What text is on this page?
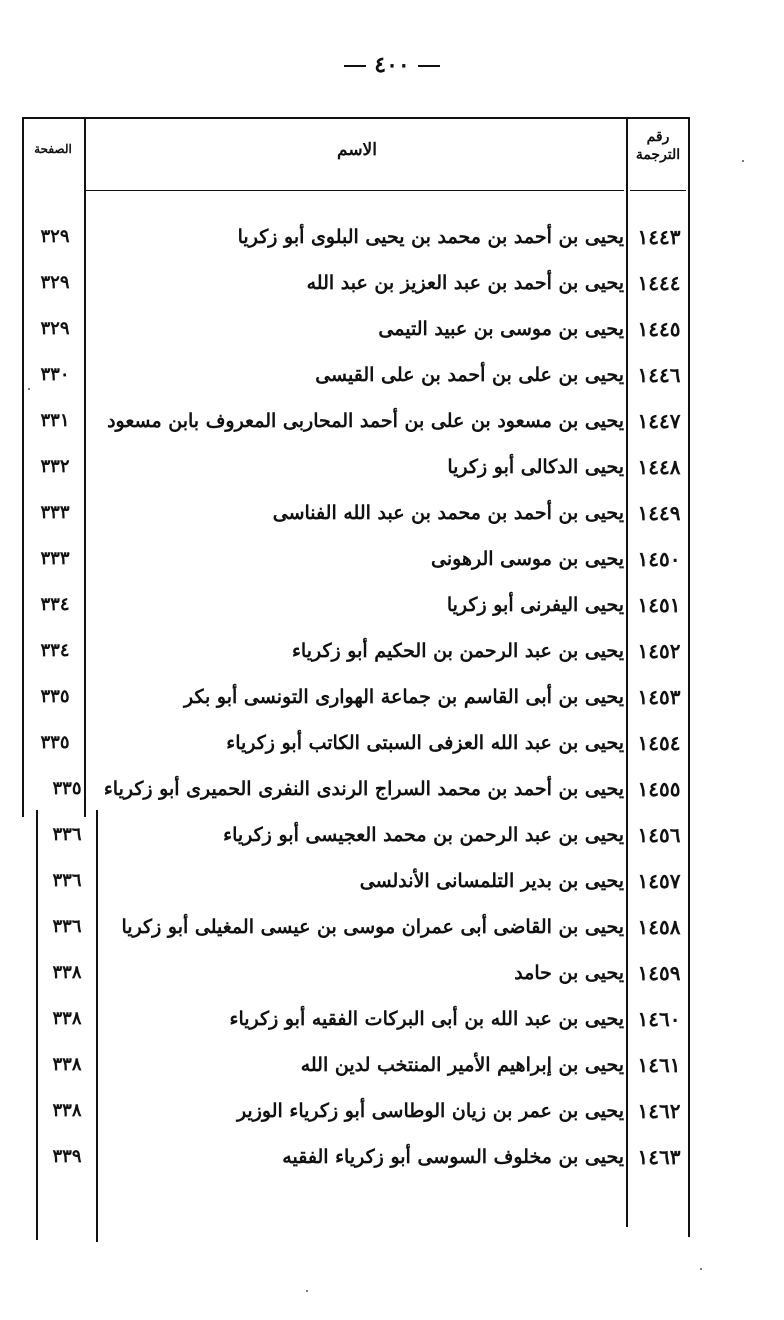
٤٠٠
رقم
الترجمة
الاسم
الصفحة
١٤٤٣
يحيى بن أحمد بن محمد بن يحيى البلوى أبو زكريا
٣٢٩
١٤٤٤
يحيى بن أحمد بن عبد العزيز بن عبد الله
٣٢٩
١٤٤٥
يحيى بن موسى بن عبيد التيمى
٣٢٩
١٤٤٦
يحيى بن على بن أحمد بن على القيسى
٣٣٠
١٤٤٧
يحيى بن مسعود بن على بن أحمد المحاربى المعروف بابن مسعود
٣٣١
١٤٤٨
يحيى الدكالى أبو زكريا
٣٣٢
١٤٤٩
يحيى بن أحمد بن محمد بن عبد الله الفناسى
٣٣٣
١٤٥٠
يحيى بن موسى الرهونى
٣٣٣
١٤٥١
يحيى اليفرنى أبو زكريا
٣٣٤
١٤٥٢
يحيى بن عبد الرحمن بن الحكيم أبو زكرياء
٣٣٤
١٤٥٣
يحيى بن أبى القاسم بن جماعة الهوارى التونسى أبو بكر
٣٣٥
١٤٥٤
يحيى بن عبد الله العزفى السبتى الكاتب أبو زكرياء
٣٣٥
١٤٥٥
يحيى بن أحمد بن محمد السراج الرندى النفرى الحميرى أبو زكرياء
٣٣٥
١٤٥٦
يحيى بن عبد الرحمن بن محمد العجيسى أبو زكرياء
٣٣٦
١٤٥٧
يحيى بن بدير التلمسانى الأندلسى
٣٣٦
١٤٥٨
يحيى بن القاضى أبى عمران موسى بن عيسى المغيلى أبو زكريا
٣٣٦
١٤٥٩
يحيى بن حامد
٣٣٨
١٤٦٠
يحيى بن عبد الله بن أبى البركات الفقيه أبو زكرياء
٣٣٨
١٤٦١
يحيى بن إبراهيم الأمير المنتخب لدين الله
٣٣٨
١٤٦٢
يحيى بن عمر بن زيان الوطاسى أبو زكرياء الوزير
٣٣٨
١٤٦٣
يحيى بن مخلوف السوسى أبو زكرياء الفقيه
٣٣٩
